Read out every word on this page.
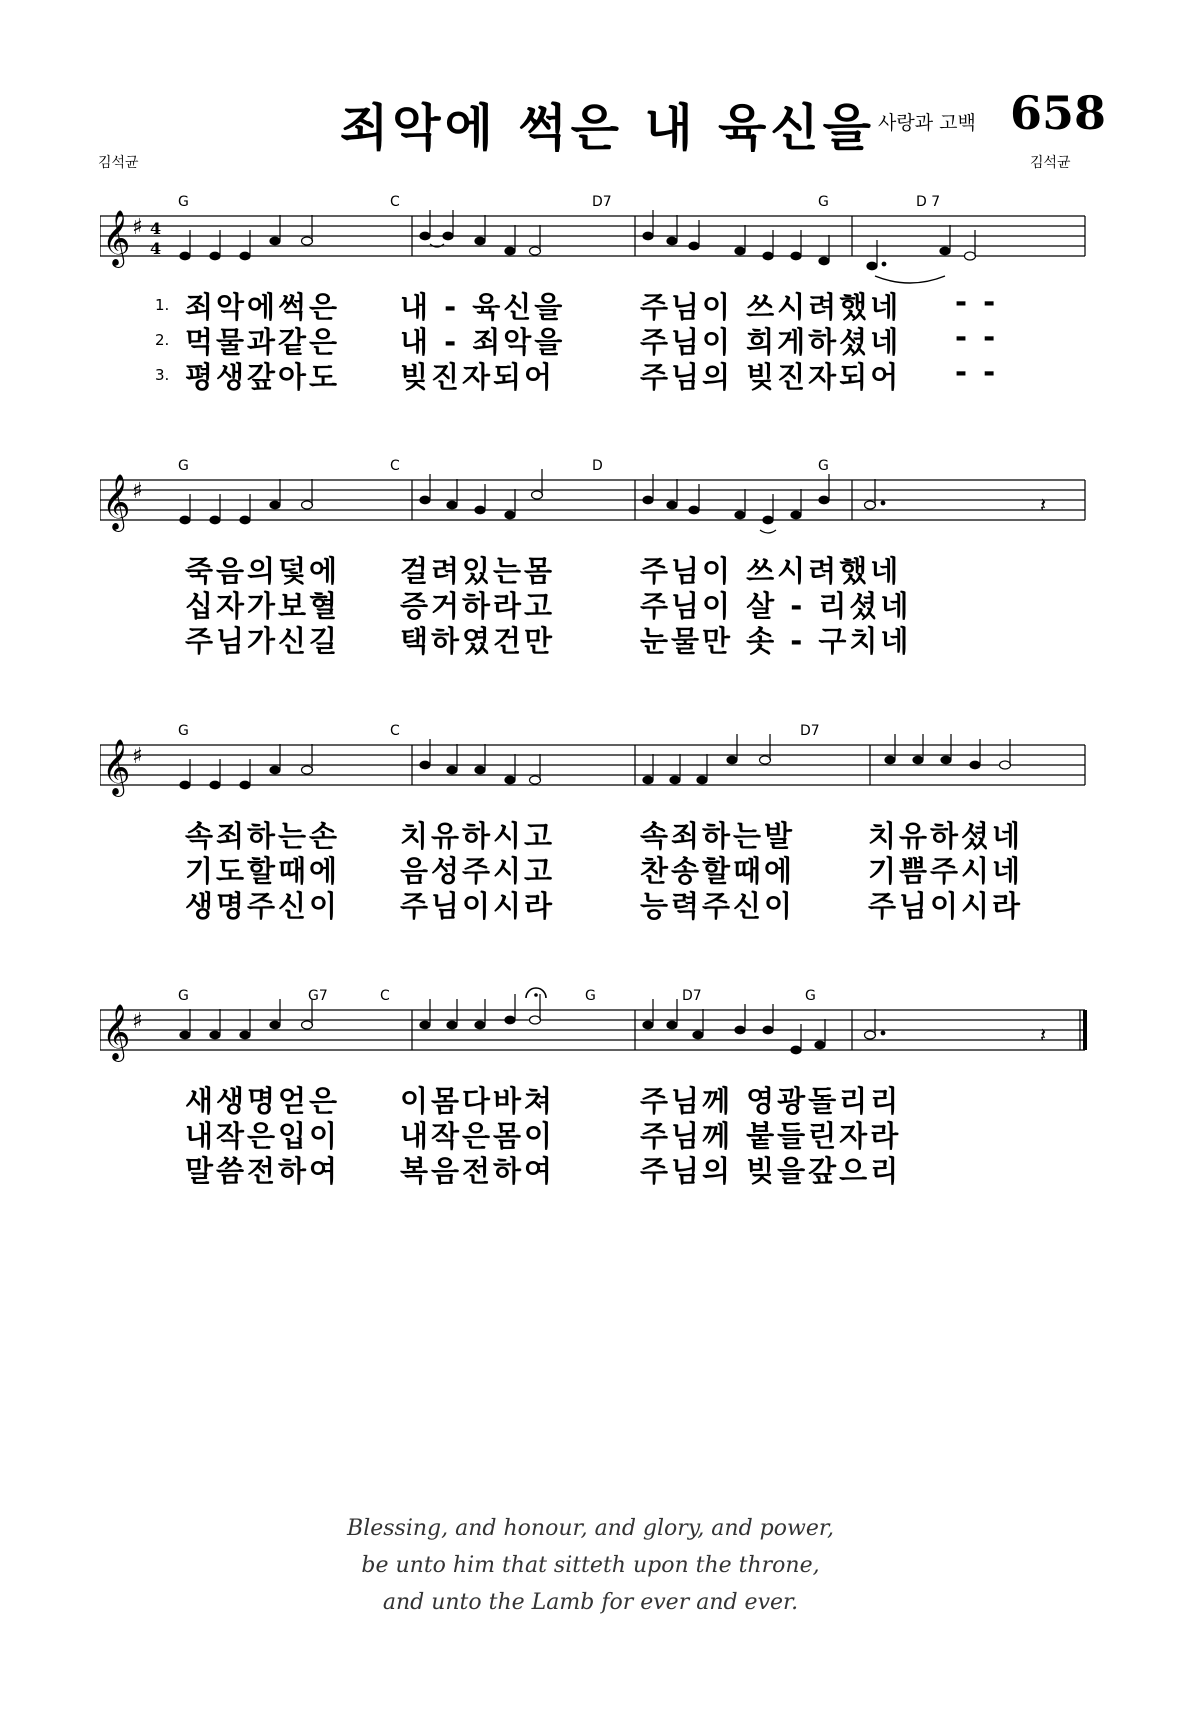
죄악에 썩은 내 육신을 사랑과 고백 658
김석균	김석균
𝄞 ♯ 4
4
G	C	D7	G	D 7
1. 죄악에썩은 내 - 육신을	주님이 쓰시려했네 - -
2. 먹물과같은 내 - 죄악을	주님이 희게하셨네 - -
3. 평생갚아도 빚진자되어	주님의 빚진자되어 - -
𝄞 ♯
𝄽
G	C	D	G
죽음의덫에 걸려있는몸	주님이 쓰시려했네
십자가보혈 증거하라고	주님이 살 - 리셨네
주님가신길 택하였건만	눈물만 솟 - 구치네
𝄞 ♯
G	C	D7
속죄하는손 치유하시고	속죄하는발	치유하셨네
기도할때에 음성주시고	찬송할때에	기쁨주시네
생명주신이 주님이시라	능력주신이	주님이시라
𝄞 ♯
𝄽
G	G7	C	G	D7	G
새생명얻은 이몸다바쳐	주님께 영광돌리리
내작은입이 내작은몸이	주님께 붙들린자라
말씀전하여 복음전하여	주님의 빚을갚으리
Blessing, and honour, and glory, and power,
be unto him that sitteth upon the throne,
and unto the Lamb for ever and ever.
